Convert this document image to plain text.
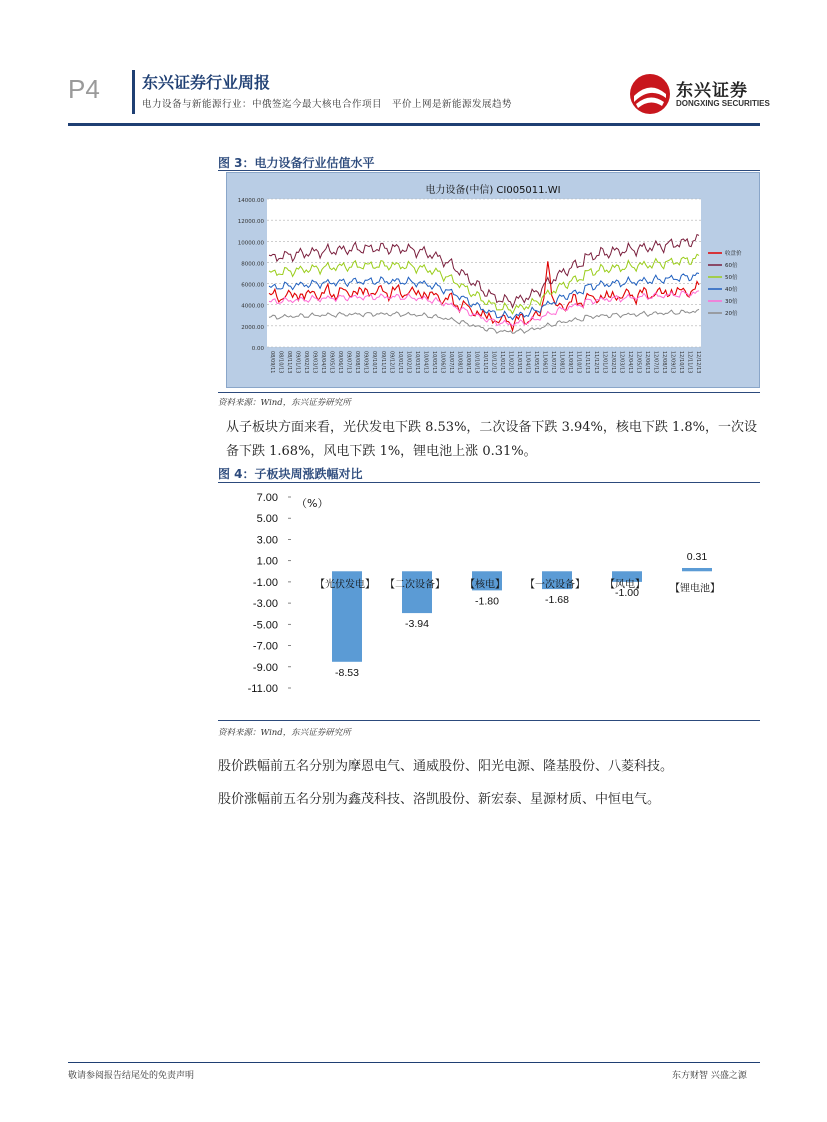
P4	东兴证券行业周报
电力设备与新能源行业：中俄签迄今最大核电合作项目　平价上网是新能源发展趋势
东兴证券
DONGXING SECURITIES
图 3：电力设备行业估值水平
14000.00
12000.00
10000.00
8000.00
6000.00
4000.00
2000.00
0.00
08/09/11 08/10/13 08/11/13 09/01/13 09/02/13 09/03/13 09/04/13 09/05/13 09/06/13 09/07/13 09/08/13 09/09/13 09/10/13 09/11/13 09/12/13 10/01/13 10/02/13 10/03/13 10/04/13 10/05/13 10/06/13 10/07/13 10/08/13 10/09/13 10/10/13 10/11/13 10/12/13 11/01/13 11/02/13 11/03/13 11/04/13 11/05/13 11/06/13 11/07/13 11/08/13 11/09/13 11/10/13 11/11/13 11/12/13 12/01/13 12/02/13 12/03/13 12/04/13 12/05/13 12/06/13 12/07/13 12/08/13 12/09/13 12/10/13 12/11/13 12/12/13
收盘价
60倍
50倍
40倍
30倍
20倍
电力设备(中信) CI005011.WI
资料来源：Wind，东兴证券研究所
从子板块方面来看，光伏发电下跌 8.53%，二次设备下跌 3.94%，核电下跌 1.8%，一次设备下跌 1.68%，风电下跌 1%，锂电池上涨 0.31%。
图 4：子板块周涨跌幅对比
7.00
5.00
3.00
1.00
-1.00
-3.00
-5.00
-7.00
-9.00
-11.00
（%）
【光伏发电】
-8.53
【二次设备】
-3.94
【核电】
-1.80
【一次设备】
-1.68
【风电】
-1.00	【锂电池】
0.31
资料来源：Wind，东兴证券研究所
股价跌幅前五名分别为摩恩电气、通威股份、阳光电源、隆基股份、八菱科技。
股价涨幅前五名分别为鑫茂科技、洛凯股份、新宏泰、星源材质、中恒电气。
敬请参阅报告结尾处的免责声明	东方财智 兴盛之源
